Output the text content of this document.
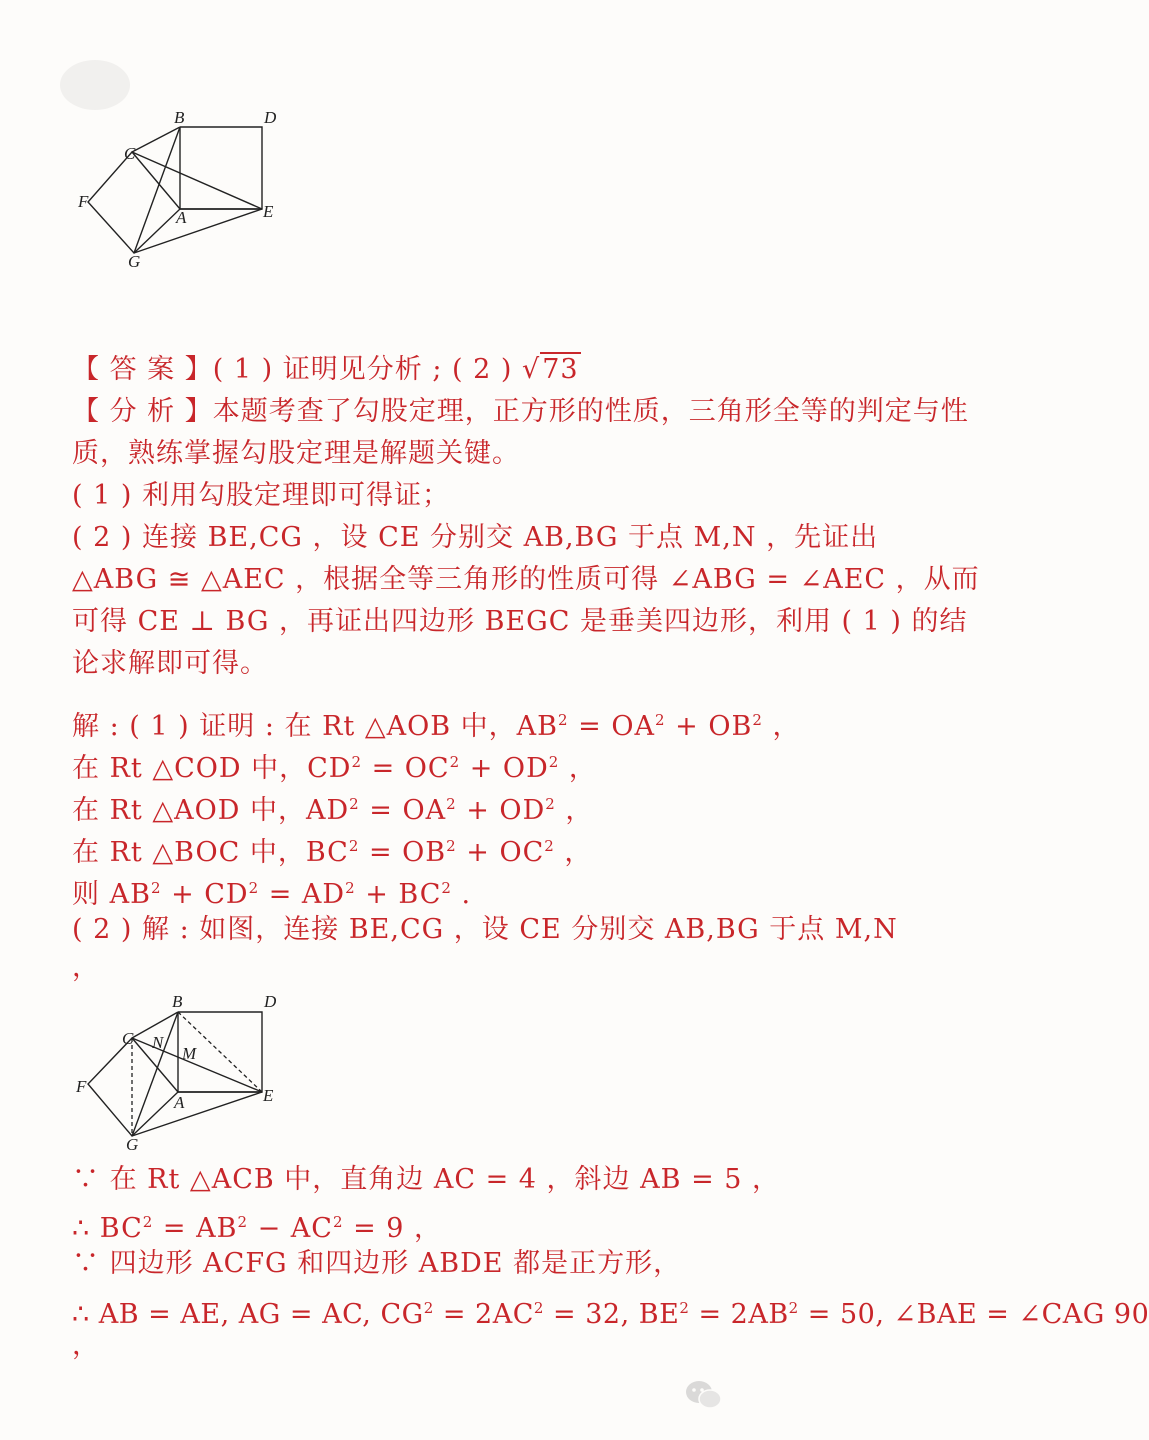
B	D
C
F
A	E
G
【 答 案 】( 1 ) 证明见分析 ; ( 2 ) √73
【 分 析 】本题考查了勾股定理，正方形的性质，三角形全等的判定与性
质，熟练掌握勾股定理是解题关键。
( 1 ) 利用勾股定理即可得证；
( 2 ) 连接 BE,CG ，设 CE 分别交 AB,BG 于点 M,N ，先证出
△ABG ≅ △AEC ，根据全等三角形的性质可得 ∠ABG = ∠AEC ，从而
可得 CE ⊥ BG ，再证出四边形 BEGC 是垂美四边形，利用 ( 1 ) 的结
论求解即可得。
解 : ( 1 ) 证明 : 在 Rt △AOB 中，$AB^2 = OA^2 + OB^2$ ，
在 Rt △COD 中，$CD^2 = OC^2 + OD^2$ ，
在 Rt △AOD 中，$AD^2 = OA^2 + OD^2$ ，
在 Rt △BOC 中，$BC^2 = OB^2 + OC^2$ ，
则 $AB^2 + CD^2 = AD^2 + BC^2$ .
( 2 ) 解 : 如图，连接 BE,CG ，设 CE 分别交 AB,BG 于点 M,N
，
B	D
C N
M
F
A	E
G
∵ 在 Rt △ACB 中，直角边 AC = 4 ，斜边 AB = 5 ，
∴ $BC^2 = AB^2 - AC^2 = 9$ ，
∵ 四边形 ACFG 和四边形 ABDE 都是正方形，
∴ AB = AE, AG = AC, $CG^2 = 2AC^2 = 32$, $BE^2 = 2AB^2 = 50$, ∠BAE = ∠CAG 90
，
